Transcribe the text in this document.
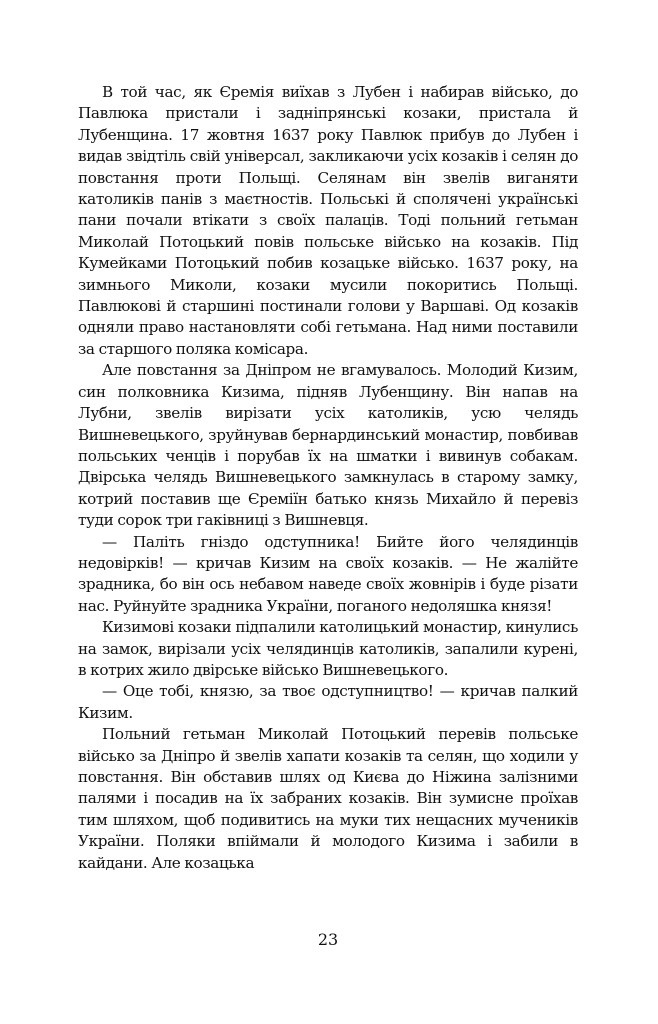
В той час, як Єремія виїхав з Лубен і набирав військо, до Павлюка пристали і задніпрянські козаки, пристала й Лубенщина. 17 жовтня 1637 року Павлюк прибув до Лубен і видав звідтіль свій універсал, закликаючи усіх козаків і селян до повстання проти Польщі. Селянам він звелів виганяти католиків панів з маєтностів. Польські й сполячені українські пани почали втікати з своїх палаців. Тоді польний гетьман Миколай Потоцький повів польське військо на козаків. Під Кумейками Потоцький побив козацьке військо. 1637 року, на зимнього Миколи, козаки мусили покоритись Польщі. Павлюкові й старшині постинали голови у Варшаві. Од козаків одняли право настановляти собі гетьмана. Над ними поставили за старшого поляка комісара.

Але повстання за Дніпром не вгамувалось. Молодий Кизим, син полковника Кизима, підняв Лубенщину. Він напав на Лубни, звелів вирізати усіх католиків, усю челядь Вишневецького, зруйнував бернардинський монастир, повбивав польських ченців і порубав їх на шматки і вивинув собакам. Двірська челядь Вишневецького замкнулась в старому замку, котрий поставив ще Єреміїн батько князь Михайло й перевіз туди сорок три гаківниці з Вишневця.

— Паліть гніздо одступника! Бийте його челядинців недовірків! — кричав Кизим на своїх козаків. — Не жалійте зрадника, бо він ось небавом наведе своїх жовнірів і буде різати нас. Руйнуйте зрадника України, поганого недоляшка князя!

Кизимові козаки підпалили католицький монастир, кинулись на замок, вирізали усіх челядинців католиків, запалили курені, в котрих жило двірське військо Вишневецького.

— Оце тобі, князю, за твоє одступництво! — кричав палкий Кизим.

Польний гетьман Миколай Потоцький перевів польське військо за Дніпро й звелів хапати козаків та селян, що ходили у повстання. Він обставив шлях од Києва до Ніжина залізними палями і посадив на їх забраних козаків. Він зумисне проїхав тим шляхом, щоб подивитись на муки тих нещасних мучеників України. Поляки впіймали й молодого Кизима і забили в кайдани. Але козацька

23
